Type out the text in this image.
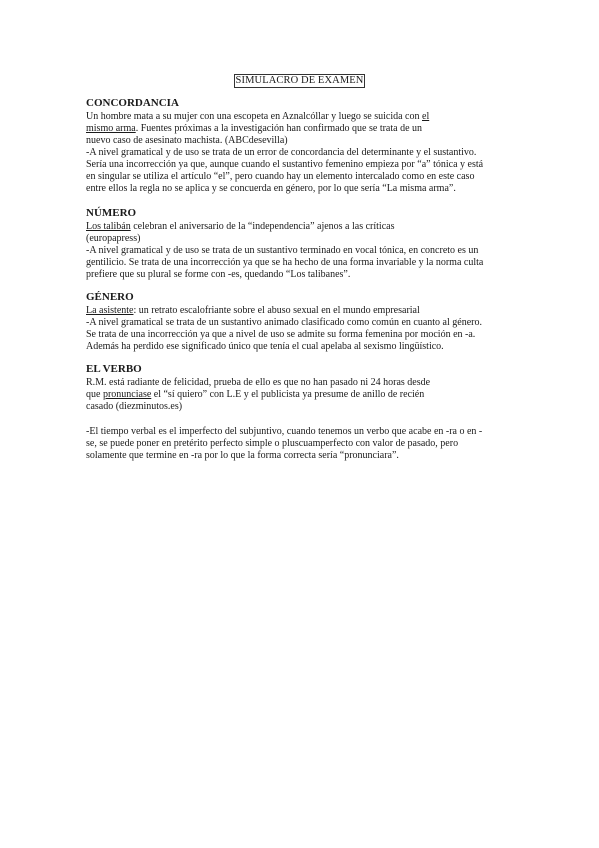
SIMULACRO DE EXAMEN
CONCORDANCIA
Un hombre mata a su mujer con una escopeta en Aznalcóllar y luego se suicida con el
mismo arma. Fuentes próximas a la investigación han confirmado que se trata de un
nuevo caso de asesinato machista. (ABCdesevilla)
-A nivel gramatical y de uso se trata de un error de concordancia del determinante y el sustantivo.
Sería una incorrección ya que, aunque cuando el sustantivo femenino empieza por “a” tónica y está
en singular se utiliza el artículo “el”, pero cuando hay un elemento intercalado como en este caso
entre ellos la regla no se aplica y se concuerda en género, por lo que sería “La misma arma”.
NÚMERO
Los talibán celebran el aniversario de la “independencia” ajenos a las críticas
(europapress)
-A nivel gramatical y de uso se trata de un sustantivo terminado en vocal tónica, en concreto es un
gentilicio. Se trata de una incorrección ya que se ha hecho de una forma invariable y la norma culta
prefiere que su plural se forme con -es, quedando “Los talibanes”.
GÉNERO
La asistente: un retrato escalofriante sobre el abuso sexual en el mundo empresarial
-A nivel gramatical se trata de un sustantivo animado clasificado como común en cuanto al género.
Se trata de una incorrección ya que a nivel de uso se admite su forma femenina por moción en -a.
Además ha perdido ese significado único que tenía el cual apelaba al sexismo lingüístico.
EL VERBO
R.M. está radiante de felicidad, prueba de ello es que no han pasado ni 24 horas desde
que pronunciase el “sí quiero” con L.E y el publicista ya presume de anillo de recién
casado (diezminutos.es)
-El tiempo verbal es el imperfecto del subjuntivo, cuando tenemos un verbo que acabe en -ra o en -
se, se puede poner en pretérito perfecto simple o pluscuamperfecto con valor de pasado, pero
solamente que termine en -ra por lo que la forma correcta sería “pronunciara”.
